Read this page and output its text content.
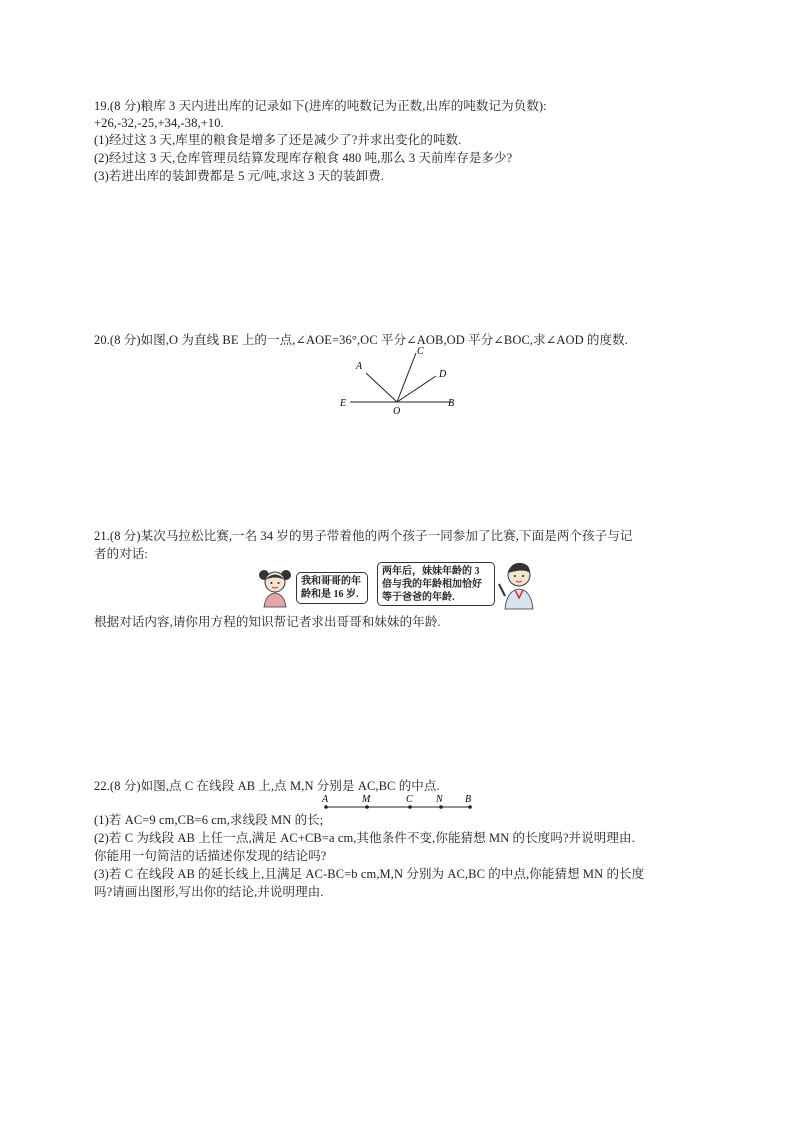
19.(8 分)粮库 3 天内进出库的记录如下(进库的吨数记为正数,出库的吨数记为负数):
+26,-32,-25,+34,-38,+10.
(1)经过这 3 天,库里的粮食是增多了还是减少了?并求出变化的吨数.
(2)经过这 3 天,仓库管理员结算发现库存粮食 480 吨,那么 3 天前库存是多少?
(3)若进出库的装卸费都是 5 元/吨,求这 3 天的装卸费.
20.(8 分)如图,O 为直线 BE 上的一点,∠AOE=36°,OC 平分∠AOB,OD 平分∠BOC,求∠AOD 的度数.
A
C
D
E
O
B
21.(8 分)某次马拉松比赛,一名 34 岁的男子带着他的两个孩子一同参加了比赛,下面是两个孩子与记
者的对话:
我和哥哥的年
龄和是 16 岁.
两年后，妹妹年龄的 3
倍与我的年龄相加恰好
等于爸爸的年龄.
根据对话内容,请你用方程的知识帮记者求出哥哥和妹妹的年龄.
22.(8 分)如图,点 C 在线段 AB 上,点 M,N 分别是 AC,BC 的中点.
A	M	C N B
(1)若 AC=9 cm,CB=6 cm,求线段 MN 的长;
(2)若 C 为线段 AB 上任一点,满足 AC+CB=a cm,其他条件不变,你能猜想 MN 的长度吗?并说明理由.
你能用一句简洁的话描述你发现的结论吗?
(3)若 C 在线段 AB 的延长线上,且满足 AC-BC=b cm,M,N 分别为 AC,BC 的中点,你能猜想 MN 的长度
吗?请画出图形,写出你的结论,并说明理由.
